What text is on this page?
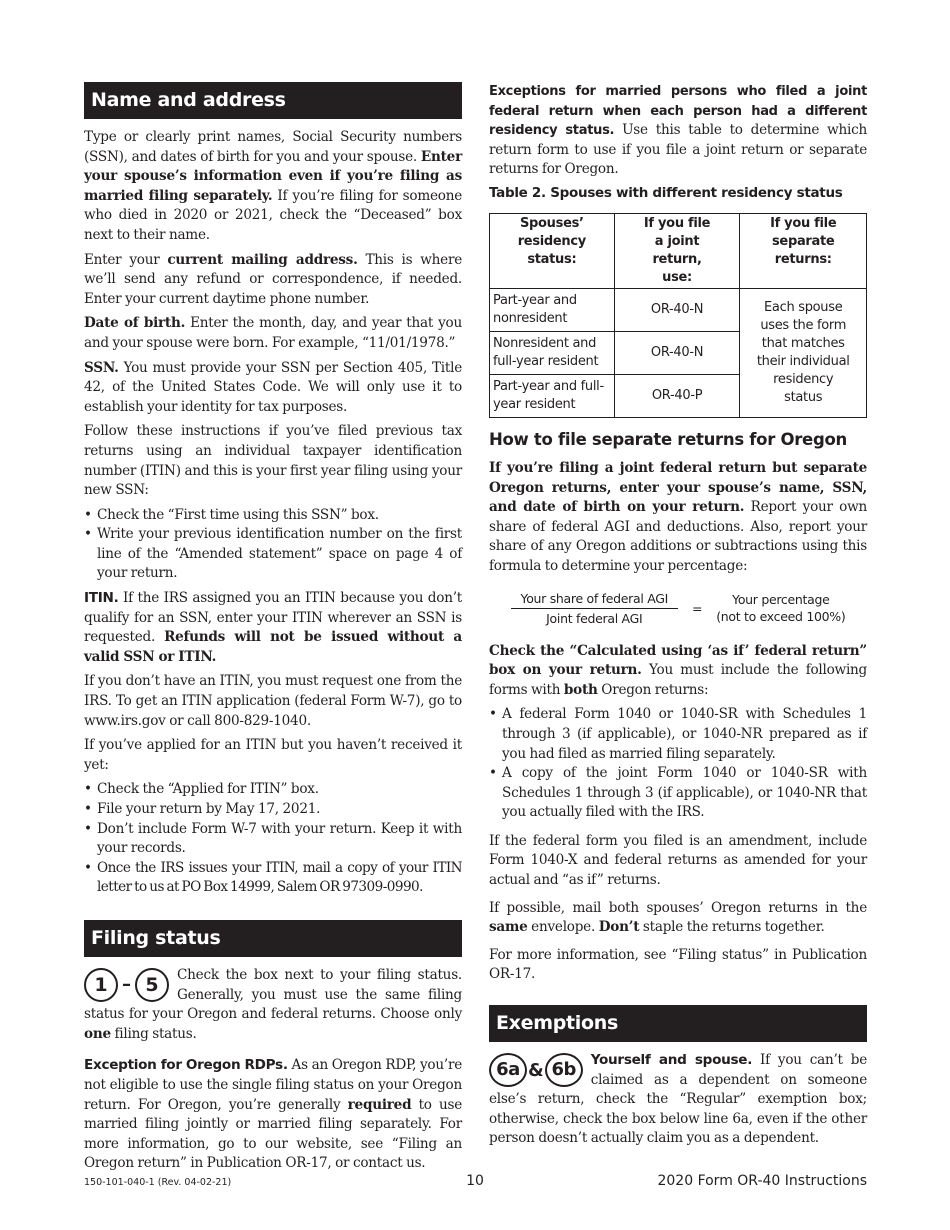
Name and address

Type or clearly print names, Social Security numbers (SSN), and dates of birth for you and your spouse. Enter your spouse’s information even if you’re filing as married filing separately. If you’re filing for someone who died in 2020 or 2021, check the “Deceased” box next to their name.

Enter your current mailing address. This is where we’ll send any refund or correspondence, if needed. Enter your current daytime phone number.

Date of birth. Enter the month, day, and year that you and your spouse were born. For example, “11/01/1978.”

SSN. You must provide your SSN per Section 405, Title 42, of the United States Code. We will only use it to establish your identity for tax purposes.

Follow these instructions if you’ve filed previous tax returns using an individual taxpayer identification number (ITIN) and this is your first year filing using your new SSN:

• Check the “First time using this SSN” box.
• Write your previous identification number on the first line of the “Amended statement” space on page 4 of your return.

ITIN. If the IRS assigned you an ITIN because you don’t qualify for an SSN, enter your ITIN wherever an SSN is requested. Refunds will not be issued without a valid SSN or ITIN.

If you don’t have an ITIN, you must request one from the IRS. To get an ITIN application (federal Form W-7), go to www.irs.gov or call 800-829-1040.

If you’ve applied for an ITIN but you haven’t received it yet:

• Check the “Applied for ITIN” box.
• File your return by May 17, 2021.
• Don’t include Form W-7 with your return. Keep it with your records.
• Once the IRS issues your ITIN, mail a copy of your ITIN letter to us at PO Box 14999, Salem OR 97309-0990.
Filing status
1 – 5	Check the box next to your filing status. Generally, you must use the same filing status for your Oregon and federal returns. Choose only one filing status.

Exception for Oregon RDPs. As an Oregon RDP, you’re not eligible to use the single filing status on your Oregon return. For Oregon, you’re generally required to use married filing jointly or married filing separately. For more information, go to our website, see “Filing an Oregon return” in Publication OR-17, or contact us.

Exceptions for married persons who filed a joint federal return when each person had a different residency status. Use this table to determine which return form to use if you file a joint return or separate returns for Oregon.

Table 2. Spouses with different residency status
Spouses’ residency status:	If you file a joint return, use:	If you file separate returns:
Part-year and nonresident	OR-40-N	Each spouse uses the form that matches their individual residency status
Nonresident and full-year resident	OR-40-N	
Part-year and full-year resident	OR-40-P	
How to file separate returns for Oregon

If you’re filing a joint federal return but separate Oregon returns, enter your spouse’s name, SSN, and date of birth on your return. Report your own share of federal AGI and deductions. Also, report your share of any Oregon additions or subtractions using this formula to determine your percentage:

$\frac{\text{Your share of federal AGI}}{\text{Joint federal AGI}}$ =
Your percentage
(not to exceed 100%)

Check the “Calculated using ‘as if’ federal return” box on your return. You must include the following forms with both Oregon returns:

• A federal Form 1040 or 1040-SR with Schedules 1 through 3 (if applicable), or 1040-NR prepared as if you had filed as married filing separately.
• A copy of the joint Form 1040 or 1040-SR with Schedules 1 through 3 (if applicable), or 1040-NR that you actually filed with the IRS.

If the federal form you filed is an amendment, include Form 1040-X and federal returns as amended for your actual and “as if” returns.

If possible, mail both spouses’ Oregon returns in the same envelope. Don’t staple the returns together.

For more information, see “Filing status” in Publication OR-17.

Exemptions
6a & 6b	Yourself and spouse. If you can’t be claimed as a dependent on someone else’s return, check the “Regular” exemption box; otherwise, check the box below line 6a, even if the other person doesn’t actually claim you as a dependent.

150-101-040-1 (Rev. 04-02-21)	10	2020 Form OR-40 Instructions
